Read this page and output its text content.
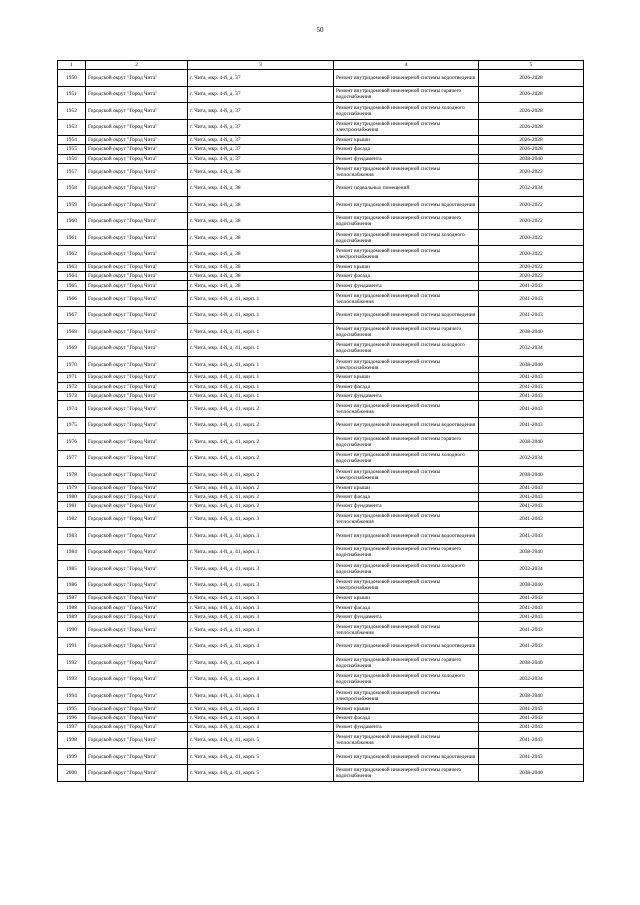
50
1	2	3	4	5
1950	Городской округ "Город Чита"	г. Чита, мкр. 4-й, д. 37	Ремонт внутридомовой инженерной системы водоотведения	2026-2028
1951	Городской округ "Город Чита"	г. Чита, мкр. 4-й, д. 37	Ремонт внутридомовой инженерной системы горячего водоснабжения	2026-2028
1952	Городской округ "Город Чита"	г. Чита, мкр. 4-й, д. 37	Ремонт внутридомовой инженерной системы холодного водоснабжения	2026-2028
1953	Городской округ "Город Чита"	г. Чита, мкр. 4-й, д. 37	Ремонт внутридомовой инженерной системы электроснабжения	2026-2028
1954	Городской округ "Город Чита"	г. Чита, мкр. 4-й, д. 37	Ремонт крыши	2026-2028
1955	Городской округ "Город Чита"	г. Чита, мкр. 4-й, д. 37	Ремонт фасада	2026-2028
1956	Городской округ "Город Чита"	г. Чита, мкр. 4-й, д. 37	Ремонт фундамента	2038-2040
1957	Городской округ "Город Чита"	г. Чита, мкр. 4-й, д. 38	Ремонт внутридомовой инженерной системы теплоснабжения	2020-2022
1958	Городской округ "Город Чита"	г. Чита, мкр. 4-й, д. 38	Ремонт подвальных помещений	2032-2034
1959	Городской округ "Город Чита"	г. Чита, мкр. 4-й, д. 38	Ремонт внутридомовой инженерной системы водоотведения	2020-2022
1960	Городской округ "Город Чита"	г. Чита, мкр. 4-й, д. 38	Ремонт внутридомовой инженерной системы горячего водоснабжения	2020-2022
1961	Городской округ "Город Чита"	г. Чита, мкр. 4-й, д. 38	Ремонт внутридомовой инженерной системы холодного водоснабжения	2020-2022
1962	Городской округ "Город Чита"	г. Чита, мкр. 4-й, д. 38	Ремонт внутридомовой инженерной системы электроснабжения	2020-2022
1963	Городской округ "Город Чита"	г. Чита, мкр. 4-й, д. 38	Ремонт крыши	2020-2022
1964	Городской округ "Город Чита"	г. Чита, мкр. 4-й, д. 38	Ремонт фасада	2020-2022
1965	Городской округ "Город Чита"	г. Чита, мкр. 4-й, д. 38	Ремонт фундамента	2041-2043
1966	Городской округ "Город Чита"	г. Чита, мкр. 4-й, д. 41, корп. 1	Ремонт внутридомовой инженерной системы теплоснабжения	2041-2043
1967	Городской округ "Город Чита"	г. Чита, мкр. 4-й, д. 41, корп. 1	Ремонт внутридомовой инженерной системы водоотведения	2041-2043
1968	Городской округ "Город Чита"	г. Чита, мкр. 4-й, д. 41, корп. 1	Ремонт внутридомовой инженерной системы горячего водоснабжения	2038-2040
1969	Городской округ "Город Чита"	г. Чита, мкр. 4-й, д. 41, корп. 1	Ремонт внутридомовой инженерной системы холодного водоснабжения	2032-2034
1970	Городской округ "Город Чита"	г. Чита, мкр. 4-й, д. 41, корп. 1	Ремонт внутридомовой инженерной системы электроснабжения	2038-2040
1971	Городской округ "Город Чита"	г. Чита, мкр. 4-й, д. 41, корп. 1	Ремонт крыши	2041-2043
1972	Городской округ "Город Чита"	г. Чита, мкр. 4-й, д. 41, корп. 1	Ремонт фасада	2041-2043
1973	Городской округ "Город Чита"	г. Чита, мкр. 4-й, д. 41, корп. 1	Ремонт фундамента	2041-2043
1974	Городской округ "Город Чита"	г. Чита, мкр. 4-й, д. 41, корп. 2	Ремонт внутридомовой инженерной системы теплоснабжения	2041-2043
1975	Городской округ "Город Чита"	г. Чита, мкр. 4-й, д. 41, корп. 2	Ремонт внутридомовой инженерной системы водоотведения	2041-2043
1976	Городской округ "Город Чита"	г. Чита, мкр. 4-й, д. 41, корп. 2	Ремонт внутридомовой инженерной системы горячего водоснабжения	2038-2040
1977	Городской округ "Город Чита"	г. Чита, мкр. 4-й, д. 41, корп. 2	Ремонт внутридомовой инженерной системы холодного водоснабжения	2032-2034
1978	Городской округ "Город Чита"	г. Чита, мкр. 4-й, д. 41, корп. 2	Ремонт внутридомовой инженерной системы электроснабжения	2038-2040
1979	Городской округ "Город Чита"	г. Чита, мкр. 4-й, д. 41, корп. 2	Ремонт крыши	2041-2043
1980	Городской округ "Город Чита"	г. Чита, мкр. 4-й, д. 41, корп. 2	Ремонт фасада	2041-2043
1981	Городской округ "Город Чита"	г. Чита, мкр. 4-й, д. 41, корп. 2	Ремонт фундамента	2041-2043
1982	Городской округ "Город Чита"	г. Чита, мкр. 4-й, д. 41, корп. 3	Ремонт внутридомовой инженерной системы теплоснабжения	2041-2043
1983	Городской округ "Город Чита"	г. Чита, мкр. 4-й, д. 41, корп. 3	Ремонт внутридомовой инженерной системы водоотведения	2041-2043
1984	Городской округ "Город Чита"	г. Чита, мкр. 4-й, д. 41, корп. 3	Ремонт внутридомовой инженерной системы горячего водоснабжения	2038-2040
1985	Городской округ "Город Чита"	г. Чита, мкр. 4-й, д. 41, корп. 3	Ремонт внутридомовой инженерной системы холодного водоснабжения	2032-2034
1986	Городской округ "Город Чита"	г. Чита, мкр. 4-й, д. 41, корп. 3	Ремонт внутридомовой инженерной системы электроснабжения	2038-2040
1987	Городской округ "Город Чита"	г. Чита, мкр. 4-й, д. 41, корп. 3	Ремонт крыши	2041-2043
1988	Городской округ "Город Чита"	г. Чита, мкр. 4-й, д. 41, корп. 3	Ремонт фасада	2041-2043
1989	Городской округ "Город Чита"	г. Чита, мкр. 4-й, д. 41, корп. 3	Ремонт фундамента	2041-2043
1990	Городской округ "Город Чита"	г. Чита, мкр. 4-й, д. 41, корп. 4	Ремонт внутридомовой инженерной системы теплоснабжения	2041-2043
1991	Городской округ "Город Чита"	г. Чита, мкр. 4-й, д. 41, корп. 4	Ремонт внутридомовой инженерной системы водоотведения	2041-2043
1992	Городской округ "Город Чита"	г. Чита, мкр. 4-й, д. 41, корп. 4	Ремонт внутридомовой инженерной системы горячего водоснабжения	2038-2040
1993	Городской округ "Город Чита"	г. Чита, мкр. 4-й, д. 41, корп. 4	Ремонт внутридомовой инженерной системы холодного водоснабжения	2032-2034
1994	Городской округ "Город Чита"	г. Чита, мкр. 4-й, д. 41, корп. 4	Ремонт внутридомовой инженерной системы электроснабжения	2038-2040
1995	Городской округ "Город Чита"	г. Чита, мкр. 4-й, д. 41, корп. 4	Ремонт крыши	2041-2043
1996	Городской округ "Город Чита"	г. Чита, мкр. 4-й, д. 41, корп. 4	Ремонт фасада	2041-2043
1997	Городской округ "Город Чита"	г. Чита, мкр. 4-й, д. 41, корп. 4	Ремонт фундамента	2041-2043
1998	Городской округ "Город Чита"	г. Чита, мкр. 4-й, д. 41, корп. 5	Ремонт внутридомовой инженерной системы теплоснабжения	2041-2043
1999	Городской округ "Город Чита"	г. Чита, мкр. 4-й, д. 41, корп. 5	Ремонт внутридомовой инженерной системы водоотведения	2041-2043
2000	Городской округ "Город Чита"	г. Чита, мкр. 4-й, д. 41, корп. 5	Ремонт внутридомовой инженерной системы горячего водоснабжения	2038-2040
